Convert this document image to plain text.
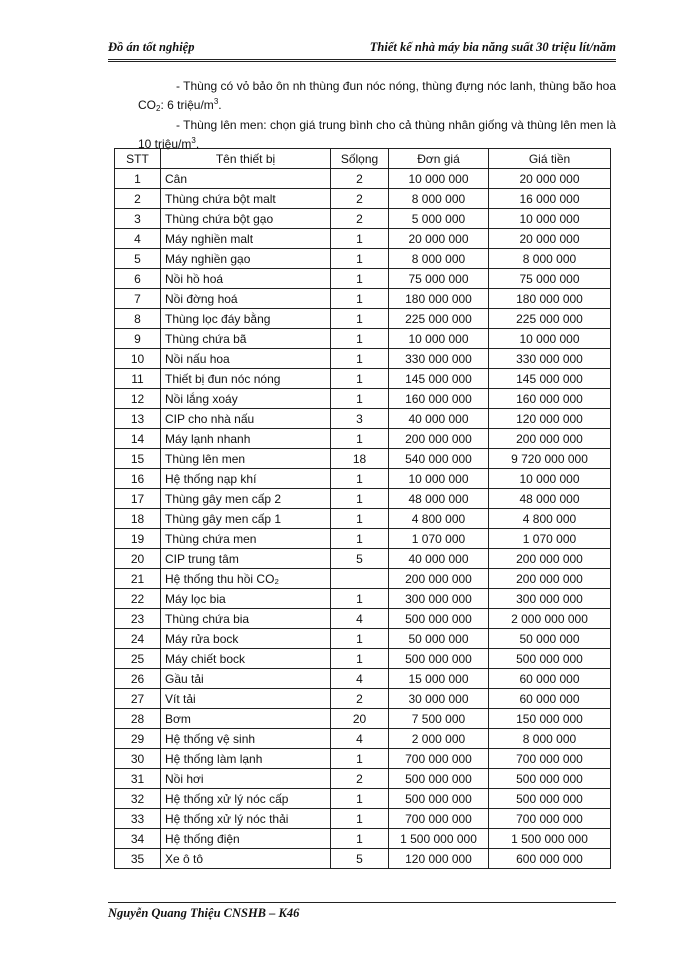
Đồ án tốt nghiệp	Thiết kế nhà máy bia năng suất 30 triệu lít/năm
- Thùng có vỏ bảo ôn nh thùng đun nóc nóng, thùng đựng nóc lanh, thùng bão hoa CO2: 6 triệu/$m^3$.
- Thùng lên men: chọn giá trung bình cho cả thùng nhân giống và thùng lên men là 10 triệu/$m^3$.
STT	Tên thiết bị	Sốlọng	Đơn giá	Giá tiền
1	Cân	2	10 000 000	20 000 000
2	Thùng chứa bột malt	2	8 000 000	16 000 000
3	Thùng chứa bột gạo	2	5 000 000	10 000 000
4	Máy nghiền malt	1	20 000 000	20 000 000
5	Máy nghiền gạo	1	8 000 000	8 000 000
6	Nồi hồ hoá	1	75 000 000	75 000 000
7	Nồi đờng hoá	1	180 000 000	180 000 000
8	Thùng lọc đáy bằng	1	225 000 000	225 000 000
9	Thùng chứa bã	1	10 000 000	10 000 000
10	Nồi nấu hoa	1	330 000 000	330 000 000
11	Thiết bị đun nóc nóng	1	145 000 000	145 000 000
12	Nồi lắng xoáy	1	160 000 000	160 000 000
13	CIP cho nhà nấu	3	40 000 000	120 000 000
14	Máy lạnh nhanh	1	200 000 000	200 000 000
15	Thùng lên men	18	540 000 000	9 720 000 000
16	Hệ thống nạp khí	1	10 000 000	10 000 000
17	Thùng gây men cấp 2	1	48 000 000	48 000 000
18	Thùng gây men cấp 1	1	4 800 000	4 800 000
19	Thùng chứa men	1	1 070 000	1 070 000
20	CIP trung tâm	5	40 000 000	200 000 000
21	Hệ thống thu hồi CO₂		200 000 000	200 000 000
22	Máy lọc bia	1	300 000 000	300 000 000
23	Thùng chứa bia	4	500 000 000	2 000 000 000
24	Máy rửa bock	1	50 000 000	50 000 000
25	Máy chiết bock	1	500 000 000	500 000 000
26	Gầu tải	4	15 000 000	60 000 000
27	Vít tải	2	30 000 000	60 000 000
28	Bơm	20	7 500 000	150 000 000
29	Hệ thống vệ sinh	4	2 000 000	8 000 000
30	Hệ thống làm lạnh	1	700 000 000	700 000 000
31	Nồi hơi	2	500 000 000	500 000 000
32	Hệ thống xử lý nóc cấp	1	500 000 000	500 000 000
33	Hệ thống xử lý nóc thải	1	700 000 000	700 000 000
34	Hệ thống điện	1	1 500 000 000	1 500 000 000
35	Xe ô tô	5	120 000 000	600 000 000
Nguyễn Quang Thiệu CNSHB – K46
